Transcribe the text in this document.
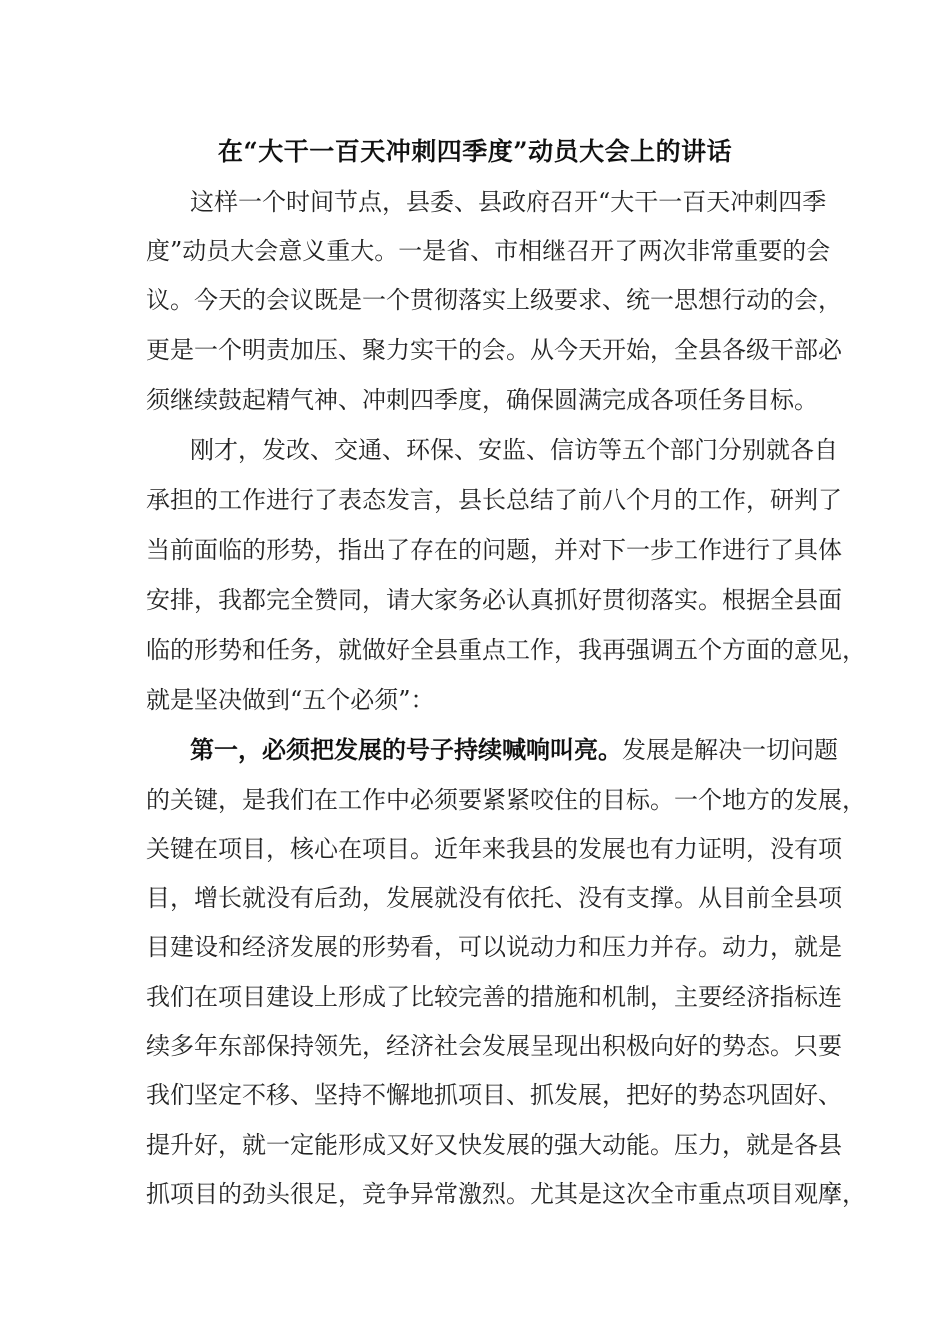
在“大干一百天冲刺四季度”动员大会上的讲话

这样一个时间节点，县委、县政府召开“大干一百天冲刺四季

度”动员大会意义重大。一是省、市相继召开了两次非常重要的会

议。今天的会议既是一个贯彻落实上级要求、统一思想行动的会，

更是一个明责加压、聚力实干的会。从今天开始，全县各级干部必

须继续鼓起精气神、冲刺四季度，确保圆满完成各项任务目标。

刚才，发改、交通、环保、安监、信访等五个部门分别就各自

承担的工作进行了表态发言，县长总结了前八个月的工作，研判了

当前面临的形势，指出了存在的问题，并对下一步工作进行了具体

安排，我都完全赞同，请大家务必认真抓好贯彻落实。根据全县面

临的形势和任务，就做好全县重点工作，我再强调五个方面的意见，

就是坚决做到“五个必须”：

第一，必须把发展的号子持续喊响叫亮。发展是解决一切问题

的关键，是我们在工作中必须要紧紧咬住的目标。一个地方的发展，

关键在项目，核心在项目。近年来我县的发展也有力证明，没有项

目，增长就没有后劲，发展就没有依托、没有支撑。从目前全县项

目建设和经济发展的形势看，可以说动力和压力并存。动力，就是

我们在项目建设上形成了比较完善的措施和机制，主要经济指标连

续多年东部保持领先，经济社会发展呈现出积极向好的势态。只要

我们坚定不移、坚持不懈地抓项目、抓发展，把好的势态巩固好、

提升好，就一定能形成又好又快发展的强大动能。压力，就是各县

抓项目的劲头很足，竞争异常激烈。尤其是这次全市重点项目观摩，
